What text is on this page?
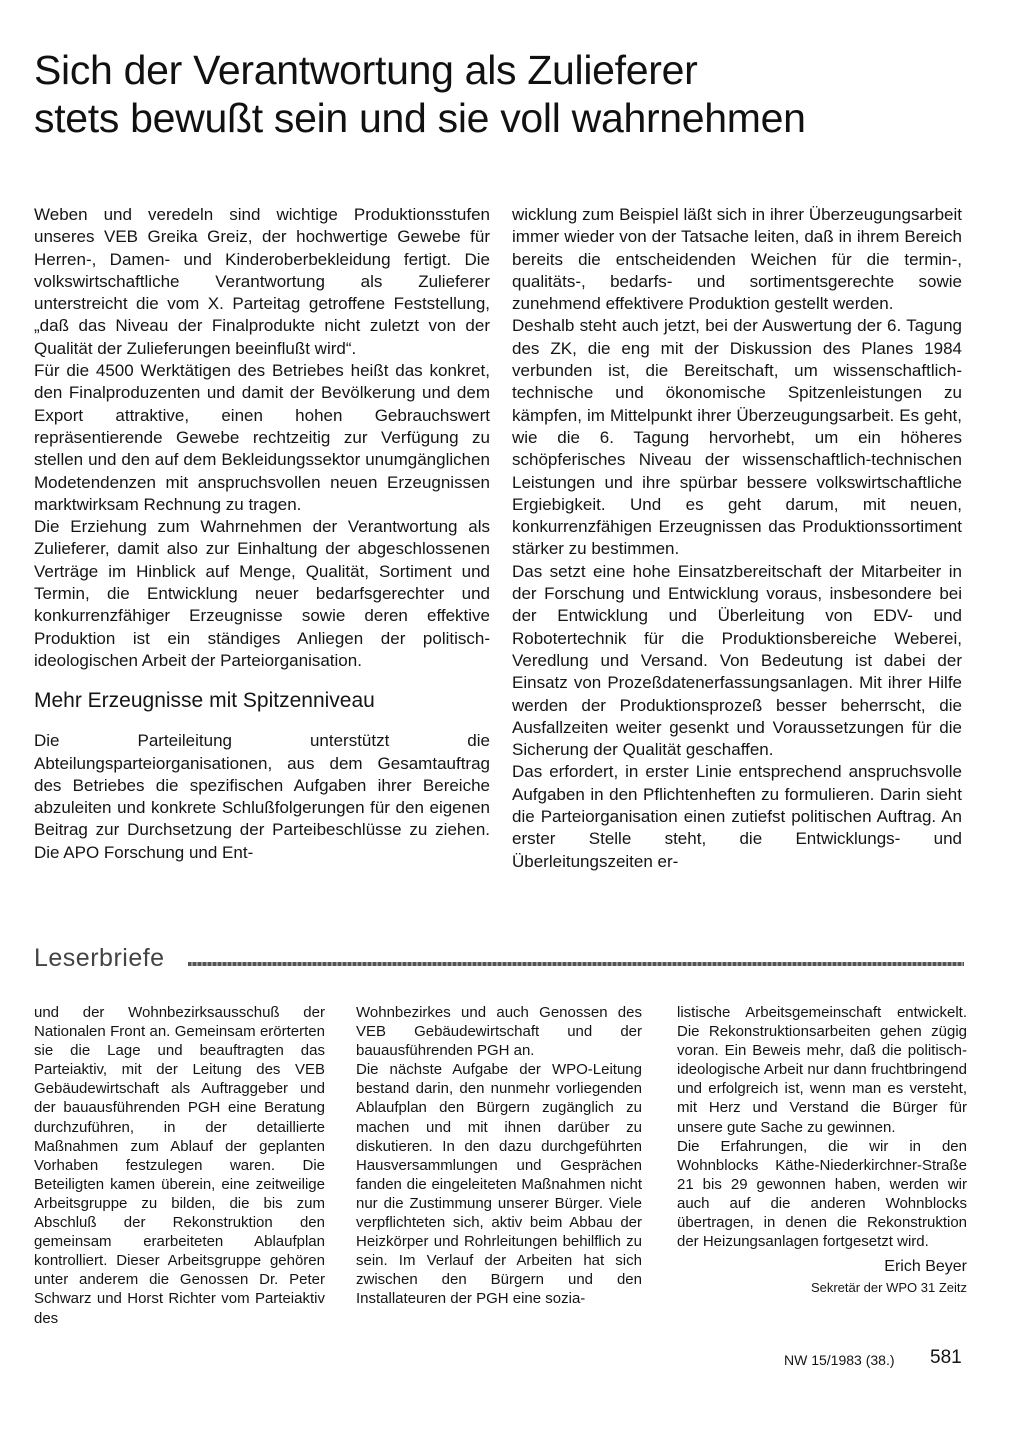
Sich der Verantwortung als Zulieferer
stets bewußt sein und sie voll wahrnehmen

Weben und veredeln sind wichtige Produktionsstufen unseres VEB Greika Greiz, der hochwertige Gewebe für Herren-, Damen- und Kinderoberbekleidung fertigt. Die volkswirtschaftliche Verantwortung als Zulieferer unterstreicht die vom X. Parteitag getroffene Feststellung, „daß das Niveau der Finalprodukte nicht zuletzt von der Qualität der Zulieferungen beeinflußt wird“.

Für die 4500 Werktätigen des Betriebes heißt das konkret, den Finalproduzenten und damit der Bevölkerung und dem Export attraktive, einen hohen Gebrauchswert repräsentierende Gewebe rechtzeitig zur Verfügung zu stellen und den auf dem Bekleidungssektor unumgänglichen Modetendenzen mit anspruchsvollen neuen Erzeugnissen marktwirksam Rechnung zu tragen.

Die Erziehung zum Wahrnehmen der Verantwortung als Zulieferer, damit also zur Einhaltung der abgeschlossenen Verträge im Hinblick auf Menge, Qualität, Sortiment und Termin, die Entwicklung neuer bedarfsgerechter und konkurrenzfähiger Erzeugnisse sowie deren effektive Produktion ist ein ständiges Anliegen der politisch-ideologischen Arbeit der Parteiorganisation.

Mehr Erzeugnisse mit Spitzenniveau

Die Parteileitung unterstützt die Abteilungsparteiorganisationen, aus dem Gesamtauftrag des Betriebes die spezifischen Aufgaben ihrer Bereiche abzuleiten und konkrete Schlußfolgerungen für den eigenen Beitrag zur Durchsetzung der Parteibeschlüsse zu ziehen. Die APO Forschung und Ent-

wicklung zum Beispiel läßt sich in ihrer Überzeugungsarbeit immer wieder von der Tatsache leiten, daß in ihrem Bereich bereits die entscheidenden Weichen für die termin-, qualitäts-, bedarfs- und sortimentsgerechte sowie zunehmend effektivere Produktion gestellt werden.

Deshalb steht auch jetzt, bei der Auswertung der 6. Tagung des ZK, die eng mit der Diskussion des Planes 1984 verbunden ist, die Bereitschaft, um wissenschaftlich-technische und ökonomische Spitzenleistungen zu kämpfen, im Mittelpunkt ihrer Überzeugungsarbeit. Es geht, wie die 6. Tagung hervorhebt, um ein höheres schöpferisches Niveau der wissenschaftlich-technischen Leistungen und ihre spürbar bessere volkswirtschaftliche Ergiebigkeit. Und es geht darum, mit neuen, konkurrenzfähigen Erzeugnissen das Produktionssortiment stärker zu bestimmen.

Das setzt eine hohe Einsatzbereitschaft der Mitarbeiter in der Forschung und Entwicklung voraus, insbesondere bei der Entwicklung und Überleitung von EDV- und Robotertechnik für die Produktionsbereiche Weberei, Veredlung und Versand. Von Bedeutung ist dabei der Einsatz von Prozeßdatenerfassungsanlagen. Mit ihrer Hilfe werden der Produktionsprozeß besser beherrscht, die Ausfallzeiten weiter gesenkt und Voraussetzungen für die Sicherung der Qualität geschaffen.

Das erfordert, in erster Linie entsprechend anspruchsvolle Aufgaben in den Pflichtenheften zu formulieren. Darin sieht die Parteiorganisation einen zutiefst politischen Auftrag. An erster Stelle steht, die Entwicklungs- und Überleitungszeiten er-

Leserbriefe

und der Wohnbezirksausschuß der Nationalen Front an. Gemeinsam erörterten sie die Lage und beauftragten das Parteiaktiv, mit der Leitung des VEB Gebäudewirtschaft als Auftraggeber und der bauausführenden PGH eine Beratung durchzuführen, in der detaillierte Maßnahmen zum Ablauf der geplanten Vorhaben festzulegen waren. Die Beteiligten kamen überein, eine zeitweilige Arbeitsgruppe zu bilden, die bis zum Abschluß der Rekonstruktion den gemeinsam erarbeiteten Ablaufplan kontrolliert. Dieser Arbeitsgruppe gehören unter anderem die Genossen Dr. Peter Schwarz und Horst Richter vom Parteiaktiv des

Wohnbezirkes und auch Genossen des VEB Gebäudewirtschaft und der bauausführenden PGH an.

Die nächste Aufgabe der WPO-Leitung bestand darin, den nunmehr vorliegenden Ablaufplan den Bürgern zugänglich zu machen und mit ihnen darüber zu diskutieren. In den dazu durchgeführten Hausversammlungen und Gesprächen fanden die eingeleiteten Maßnahmen nicht nur die Zustimmung unserer Bürger. Viele verpflichteten sich, aktiv beim Abbau der Heizkörper und Rohrleitungen behilflich zu sein. Im Verlauf der Arbeiten hat sich zwischen den Bürgern und den Installateuren der PGH eine sozia-

listische Arbeitsgemeinschaft entwickelt. Die Rekonstruktionsarbeiten gehen zügig voran. Ein Beweis mehr, daß die politisch-ideologische Arbeit nur dann fruchtbringend und erfolgreich ist, wenn man es versteht, mit Herz und Verstand die Bürger für unsere gute Sache zu gewinnen.

Die Erfahrungen, die wir in den Wohnblocks Käthe-Niederkirchner-Straße 21 bis 29 gewonnen haben, werden wir auch auf die anderen Wohnblocks übertragen, in denen die Rekonstruktion der Heizungsanlagen fortgesetzt wird.

Erich Beyer
Sekretär der WPO 31 Zeitz
NW 15/1983 (38.) 581
